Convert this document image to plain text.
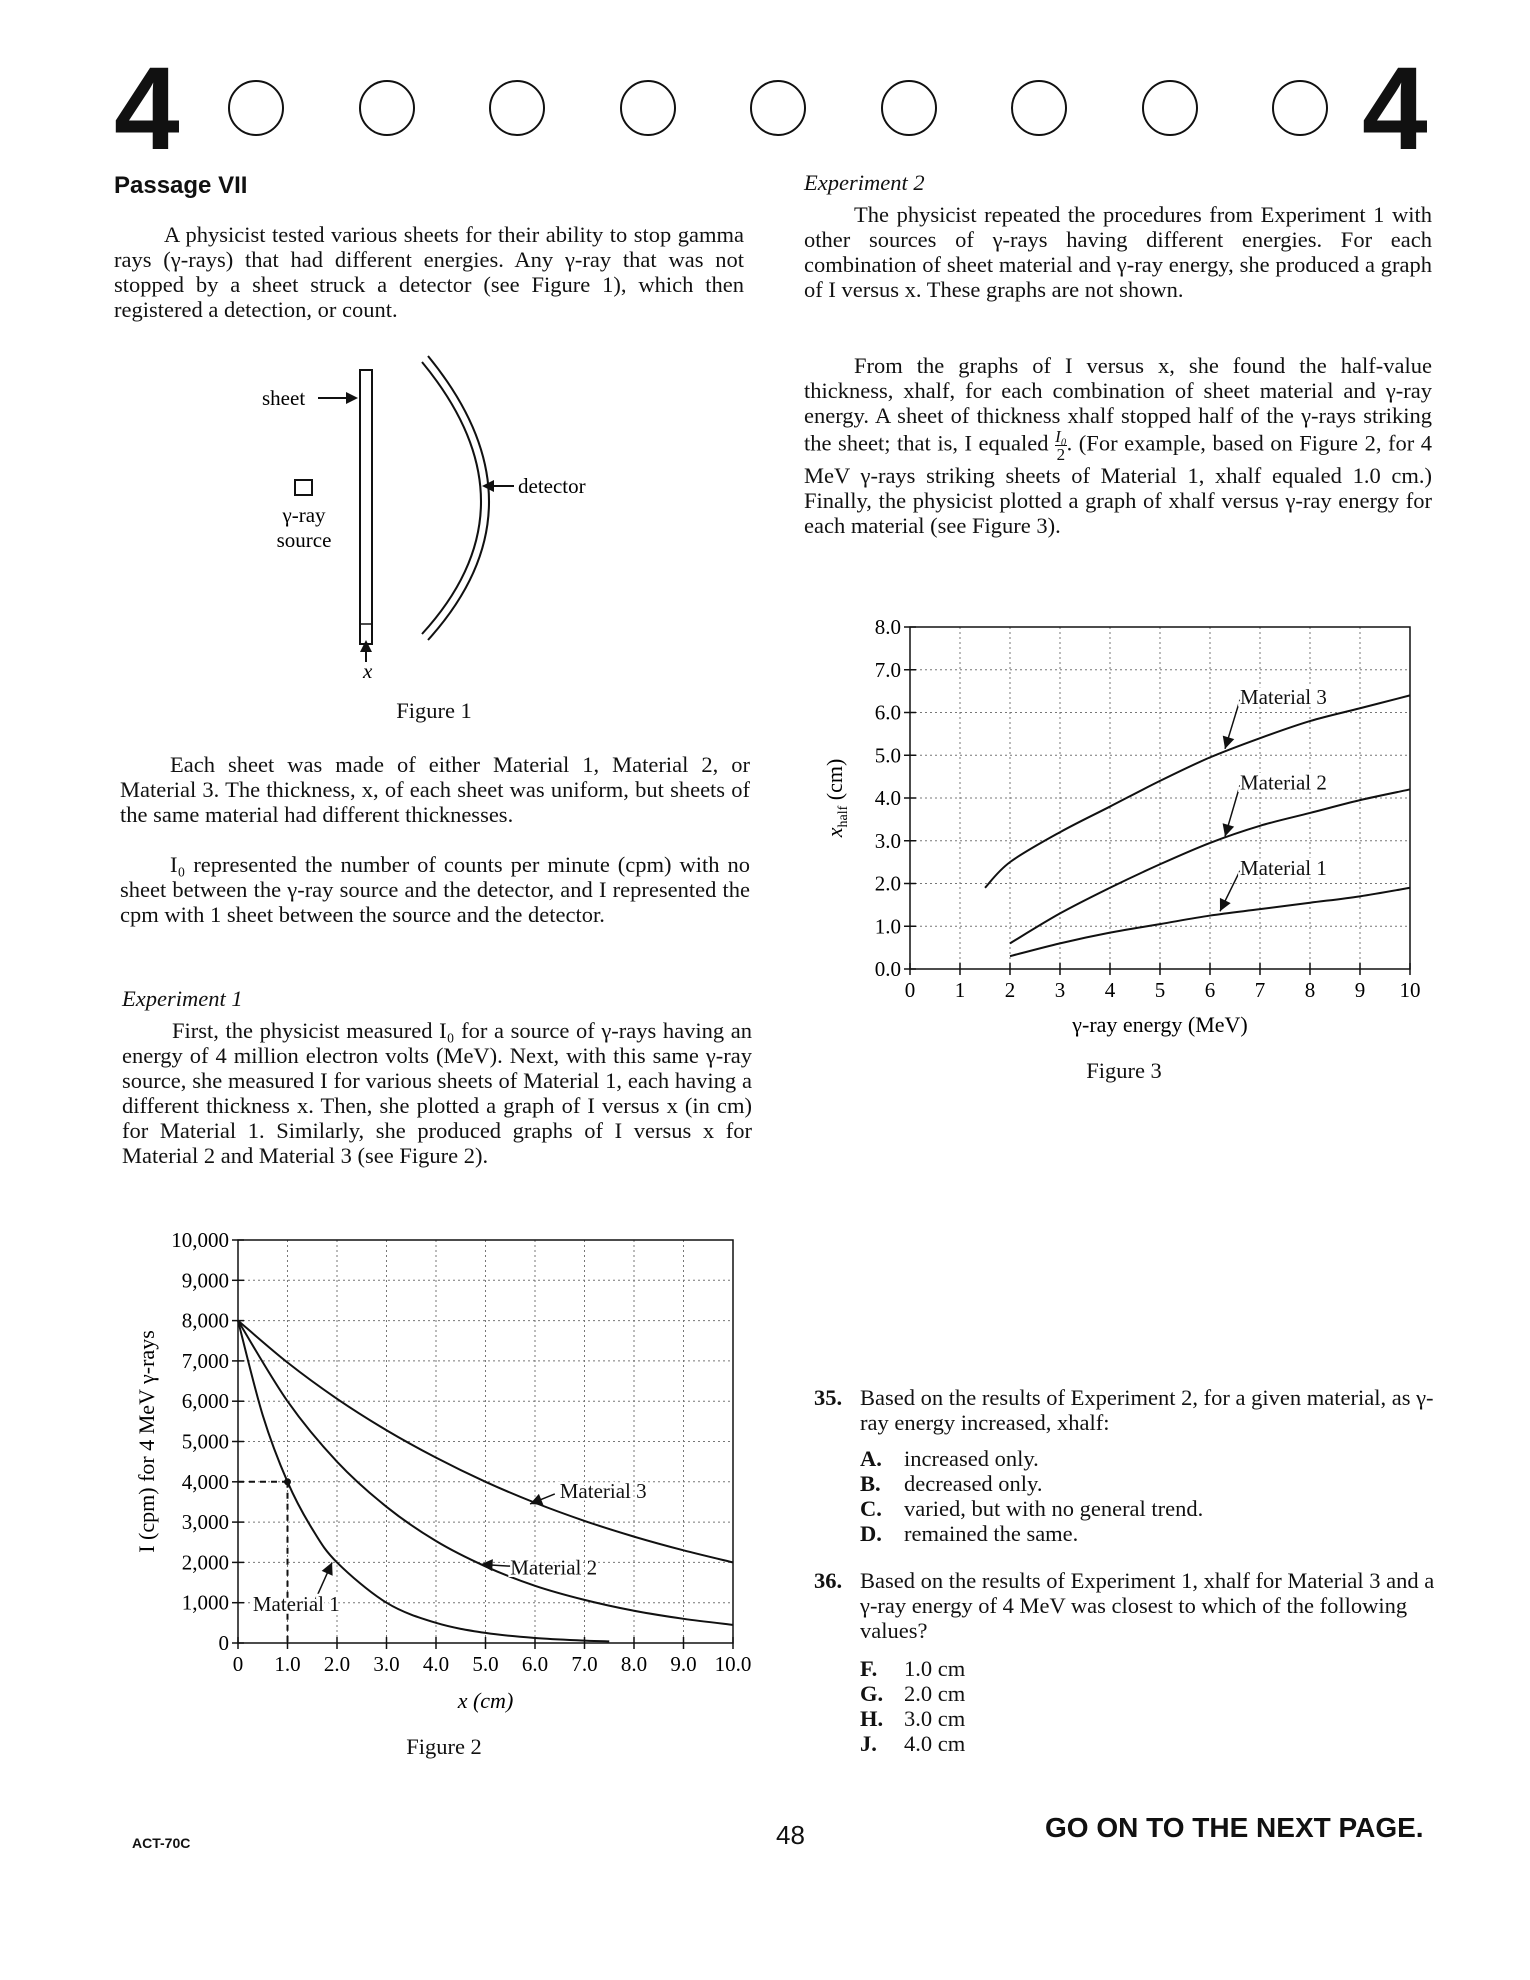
4	4
Passage VII

A physicist tested various sheets for their ability to stop gamma rays (γ-rays) that had different energies. Any γ-ray that was not stopped by a sheet struck a detector (see Figure 1), which then registered a detection, or count.

sheet
detector
γ-ray
source
x
Figure 1

Each sheet was made of either Material 1, Material 2, or Material 3. The thickness, x, of each sheet was uniform, but sheets of the same material had different thicknesses.

I₀ represented the number of counts per minute (cpm) with no sheet between the γ-ray source and the detector, and I represented the cpm with 1 sheet between the source and the detector.

Experiment 1

First, the physicist measured I₀ for a source of γ-rays having an energy of 4 million electron volts (MeV). Next, with this same γ-ray source, she measured I for various sheets of Material 1, each having a different thickness x. Then, she plotted a graph of I versus x (in cm) for Material 1. Similarly, she produced graphs of I versus x for Material 2 and Material 3 (see Figure 2).

0 1.0 2.0 3.0 4.0 5.0 6.0 7.0 8.0 9.0 10.0
0
1,000
2,000
3,000
4,000
5,000
6,000
7,000
8,000
9,000
10,000
Material 1
Material 2
Material 3
x (cm)
I (cpm) for 4 MeV γ-rays
Figure 2
Experiment 2

The physicist repeated the procedures from Experiment 1 with other sources of γ-rays having different energies. For each combination of sheet material and γ-ray energy, she produced a graph of I versus x. These graphs are not shown.

From the graphs of I versus x, she found the half-value thickness, xhalf, for each combination of sheet material and γ-ray energy. A sheet of thickness xhalf stopped half of the γ-rays striking the sheet; that is, I equaled $\frac{\text{I₀}}{2}$ . (For example, based on Figure 2, for 4 MeV γ-rays striking sheets of Material 1, xhalf equaled 1.0 cm.) Finally, the physicist plotted a graph of xhalf versus γ-ray energy for each material (see Figure 3).

0 1 2 3 4 5 6 7 8 9 10
0.0
1.0
2.0
3.0
4.0
5.0
6.0
7.0
8.0
Material 3
Material 2
Material 1
γ-ray energy (MeV)
$x_{half}$ (cm)
Figure 3
35. Based on the results of Experiment 2, for a given material, as γ-ray energy increased, xhalf:
A. increased only.
B. decreased only.
C. varied, but with no general trend.
D. remained the same.
36. Based on the results of Experiment 1, xhalf for Material 3 and a γ-ray energy of 4 MeV was closest to which of the following values?
F. 1.0 cm
G. 2.0 cm
H. 3.0 cm
J. 4.0 cm
ACT-70C	48	GO ON TO THE NEXT PAGE.
